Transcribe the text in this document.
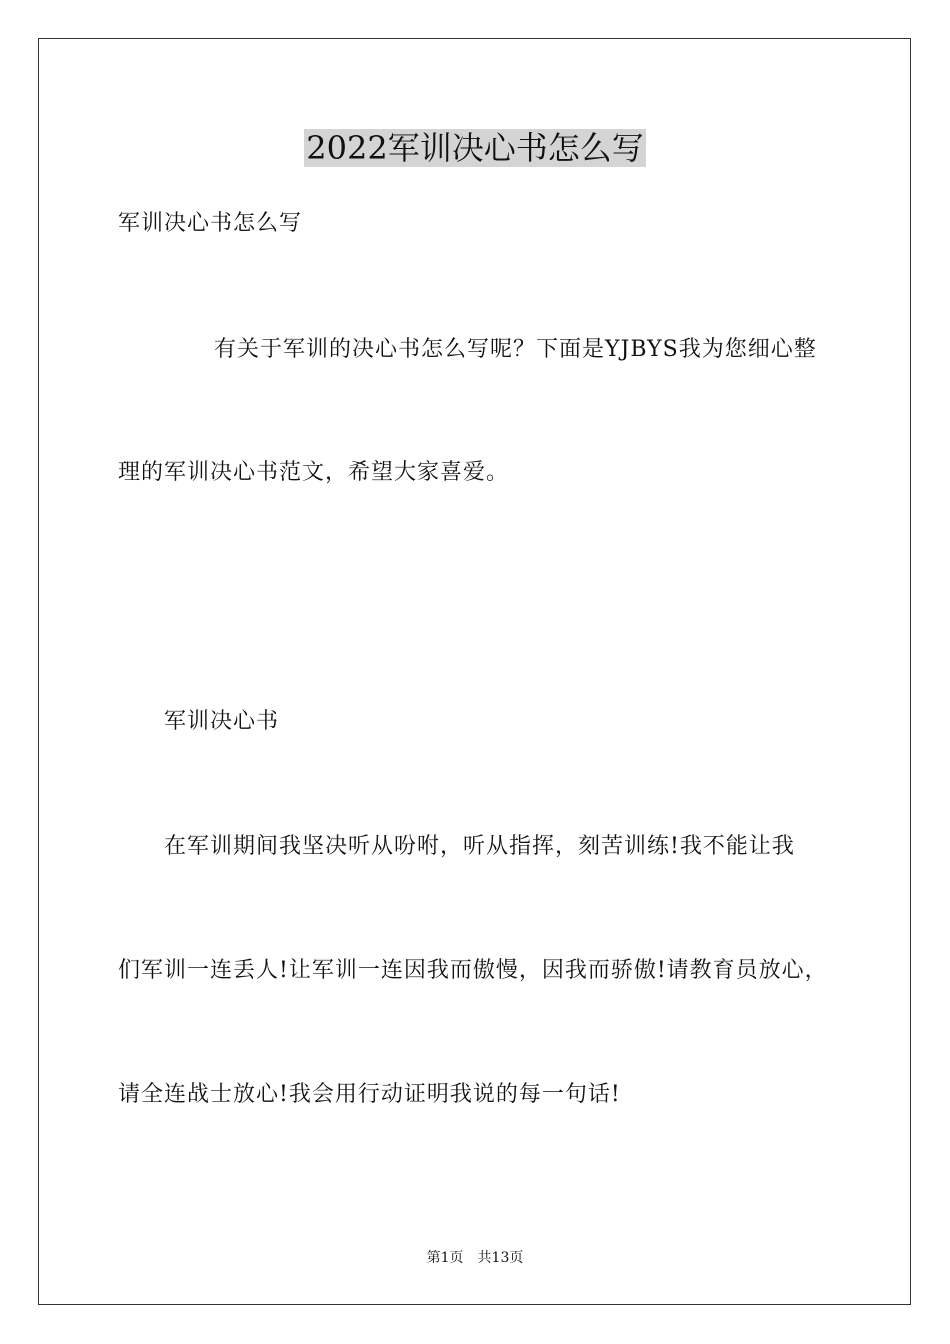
2022军训决心书怎么写
军训决心书怎么写
有关于军训的决心书怎么写呢？下面是YJBYS我为您细心整
理的军训决心书范文，希望大家喜爱。
军训决心书
在军训期间我坚决听从吩咐，听从指挥，刻苦训练!我不能让我
们军训一连丢人!让军训一连因我而傲慢，因我而骄傲!请教育员放心，
请全连战士放心!我会用行动证明我说的每一句话!
第1页 共13页
